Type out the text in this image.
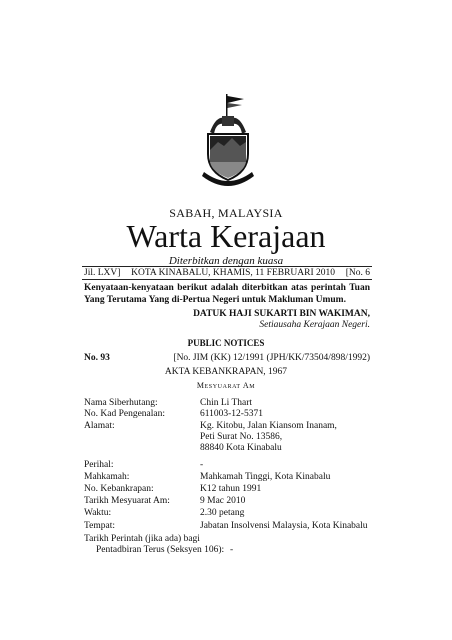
SABAH, MALAYSIA
Warta Kerajaan
Diterbitkan dengan kuasa
Jil. LXV] KOTA KINABALU, KHAMIS, 11 FEBRUARI 2010 [No. 6
Kenyataan-kenyataan berikut adalah diterbitkan atas perintah Tuan Yang Terutama Yang di-Pertua Negeri untuk Makluman Umum.
DATUK HAJI SUKARTI BIN WAKIMAN,
Setiausaha Kerajaan Negeri.
PUBLIC NOTICES
No. 93	[No. JIM (KK) 12/1991 (JPH/KK/73504/898/1992)
AKTA KEBANKRAPAN, 1967
Mesyuarat Am
Nama Siberhutang:	Chin Li Thart
No. Kad Pengenalan:	611003-12-5371
Alamat:	Kg. Kitobu, Jalan Kiansom Inanam,
Peti Surat No. 13586,
88840 Kota Kinabalu
Perihal:	-
Mahkamah:	Mahkamah Tinggi, Kota Kinabalu
No. Kebankrapan:	K12 tahun 1991
Tarikh Mesyuarat Am:	9 Mac 2010
Waktu:	2.30 petang
Tempat:	Jabatan Insolvensi Malaysia, Kota Kinabalu
Tarikh Perintah (jika ada) bagi
Pentadbiran Terus (Seksyen 106): -
